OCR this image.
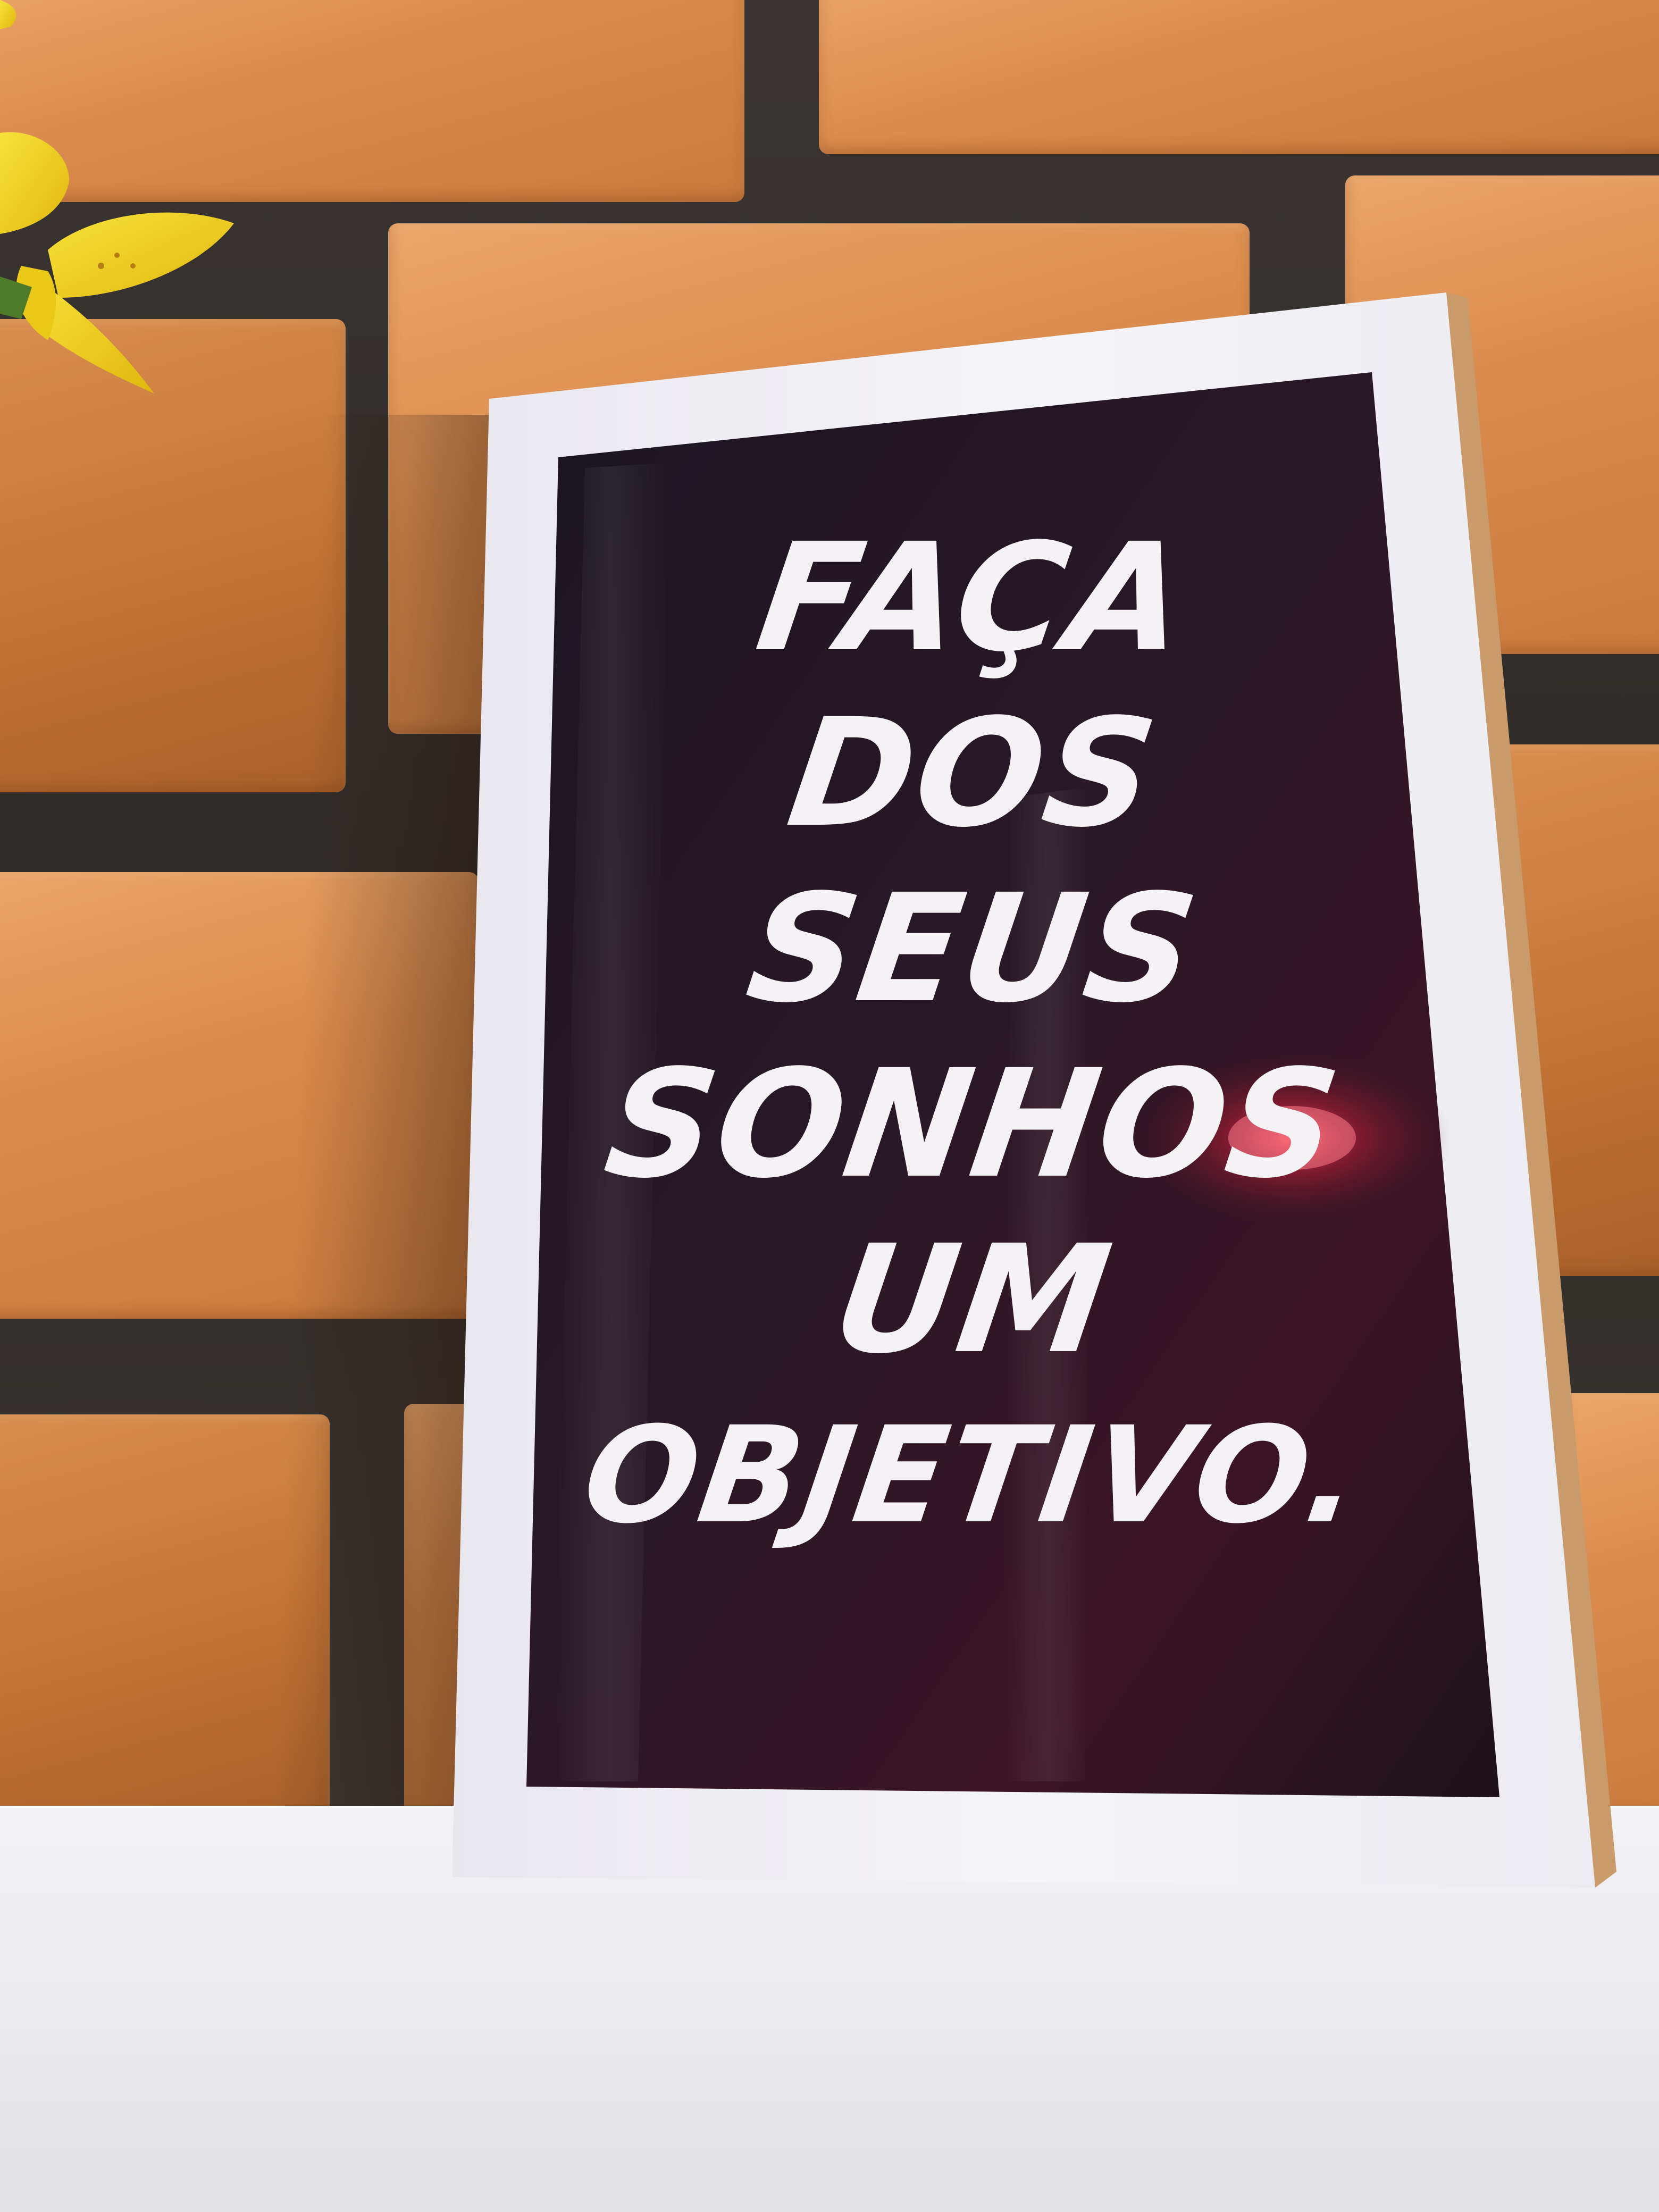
FAÇA
DOS
SEUS
SONHOS
UM
OBJETIVO.
